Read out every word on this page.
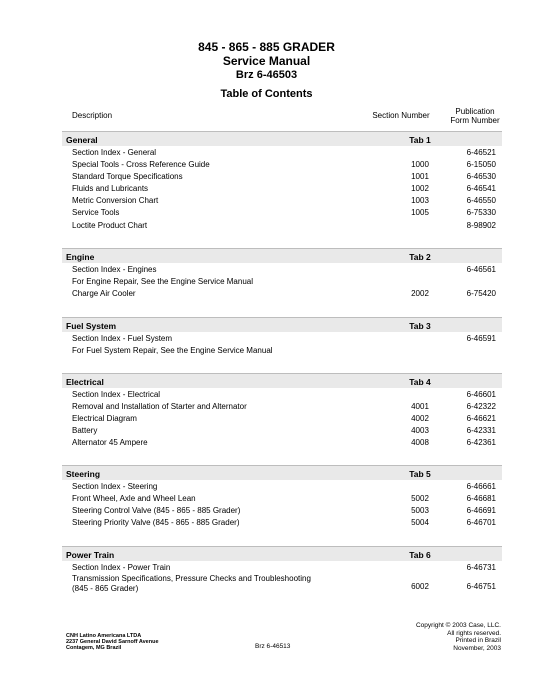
845 - 865 - 885 GRADER
Service Manual
Brz 6-46503
Table of Contents
Description	Section Number	Publication
Form Number
General	Tab 1
Section Index - General	6-46521
Special Tools - Cross Reference Guide	1000	6-15050
Standard Torque Specifications	1001	6-46530
Fluids and Lubricants	1002	6-46541
Metric Conversion Chart	1003	6-46550
Service Tools	1005	6-75330
Loctite Product Chart	8-98902
Engine	Tab 2
Section Index - Engines	6-46561
For Engine Repair, See the Engine Service Manual
Charge Air Cooler	2002	6-75420
Fuel System	Tab 3
Section Index - Fuel System	6-46591
For Fuel System Repair, See the Engine Service Manual
Electrical	Tab 4
Section Index - Electrical	6-46601
Removal and Installation of Starter and Alternator	4001	6-42322
Electrical Diagram	4002	6-46621
Battery	4003	6-42331
Alternator 45 Ampere	4008	6-42361
Steering	Tab 5
Section Index - Steering	6-46661
Front Wheel, Axle and Wheel Lean	5002	6-46681
Steering Control Valve (845 - 865 - 885 Grader)	5003	6-46691
Steering Priority Valve (845 - 865 - 885 Grader)	5004	6-46701
Power Train	Tab 6
Section Index - Power Train	6-46731
Transmission Specifications, Pressure Checks and Troubleshooting
(845 - 865 Grader)	6002	6-46751
CNH Latino Americana LTDA
2237 General David Sarnoff Avenue
Contagem, MG Brazil	Brz 6-46513
Copyright © 2003 Case, LLC.
All rights reserved.
Printed in Brazil
November, 2003
